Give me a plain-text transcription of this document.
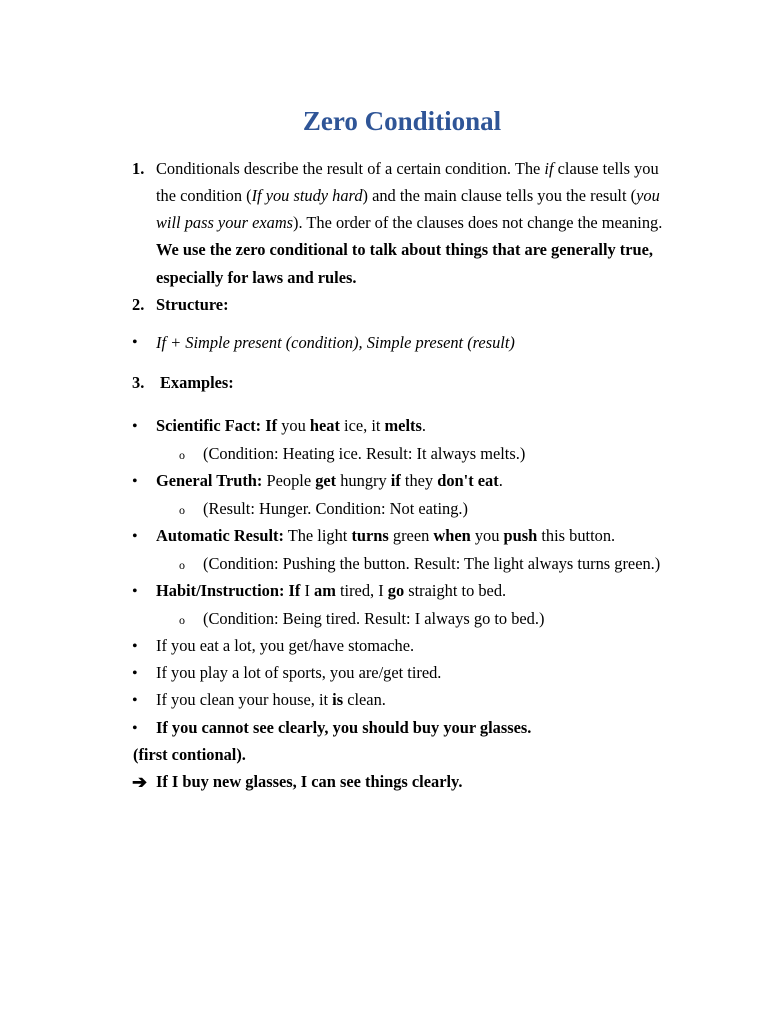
Zero Conditional
1. Conditionals describe the result of a certain condition. The if clause tells you
the condition (If you study hard) and the main clause tells you the result (you
will pass your exams). The order of the clauses does not change the meaning.
We use the zero conditional to talk about things that are generally true,
especially for laws and rules.
2. Structure:
• If + Simple present (condition), Simple present (result)
3. Examples:
• Scientific Fact: If you heat ice, it melts.
o (Condition: Heating ice. Result: It always melts.)
• General Truth: People get hungry if they don't eat.
o (Result: Hunger. Condition: Not eating.)
• Automatic Result: The light turns green when you push this button.
o (Condition: Pushing the button. Result: The light always turns green.)
• Habit/Instruction: If I am tired, I go straight to bed.
o (Condition: Being tired. Result: I always go to bed.)
• If you eat a lot, you get/have stomache.
• If you play a lot of sports, you are/get tired.
• If you clean your house, it is clean.
• If you cannot see clearly, you should buy your glasses.
(first contional).
➔ If I buy new glasses, I can see things clearly.
